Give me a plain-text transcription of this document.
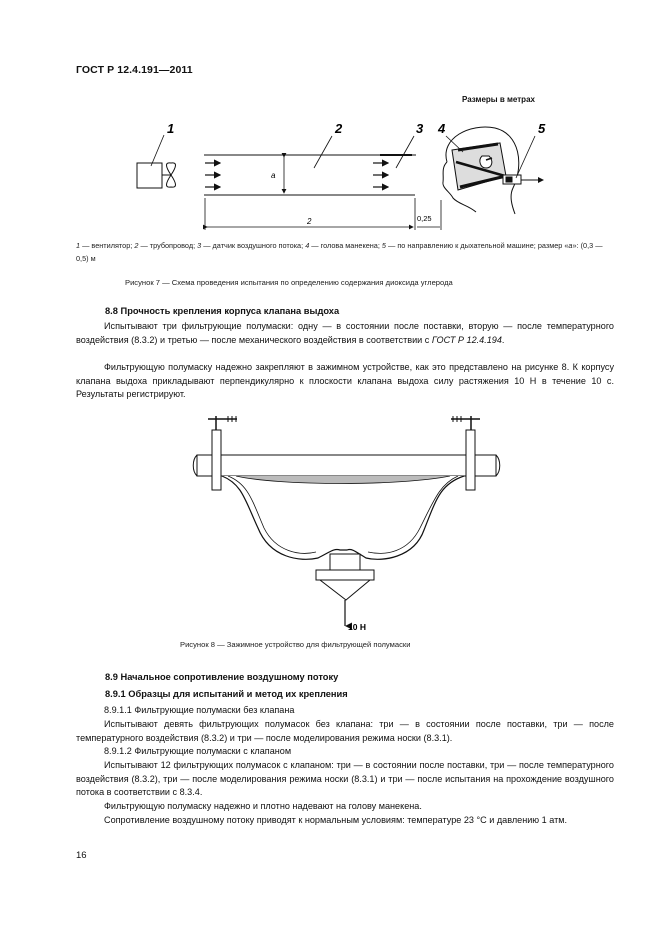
ГОСТ Р 12.4.191—2011
Размеры в метрах
1	2	3
a
2	0,25
4	5
1 — вентилятор; 2 — трубопровод; 3 — датчик воздушного потока; 4 — голова манекена; 5 — по направлению к дыхательной машине; размер «a»: (0,3 — 0,5) м
Рисунок 7 — Схема проведения испытания по определению содержания диоксида углерода
8.8 Прочность крепления корпуса клапана выдоха
Испытывают три фильтрующие полумаски: одну — в состоянии после поставки, вторую — после температурного воздействия (8.3.2) и третью — после механического воздействия в соответствии с ГОСТ Р 12.4.194.
Фильтрующую полумаску надежно закрепляют в зажимном устройстве, как это представлено на рисунке 8. К корпусу клапана выдоха прикладывают перпендикулярно к плоскости клапана выдоха силу растяжения 10 Н в течение 10 с. Результаты регистрируют.
10 Н
Рисунок 8 — Зажимное устройство для фильтрующей полумаски
8.9 Начальное сопротивление воздушному потоку
8.9.1 Образцы для испытаний и метод их крепления
8.9.1.1 Фильтрующие полумаски без клапана
Испытывают девять фильтрующих полумасок без клапана: три — в состоянии после поставки, три — после температурного воздействия (8.3.2) и три — после моделирования режима носки (8.3.1).
8.9.1.2 Фильтрующие полумаски с клапаном
Испытывают 12 фильтрующих полумасок с клапаном: три — в состоянии после поставки, три — после температурного воздействия (8.3.2), три — после моделирования режима носки (8.3.1) и три — после испытания на прохождение воздушного потока в соответствии с 8.3.4.
Фильтрующую полумаску надежно и плотно надевают на голову манекена.
Сопротивление воздушному потоку приводят к нормальным условиям: температуре 23 °С и давлению 1 атм.
16
